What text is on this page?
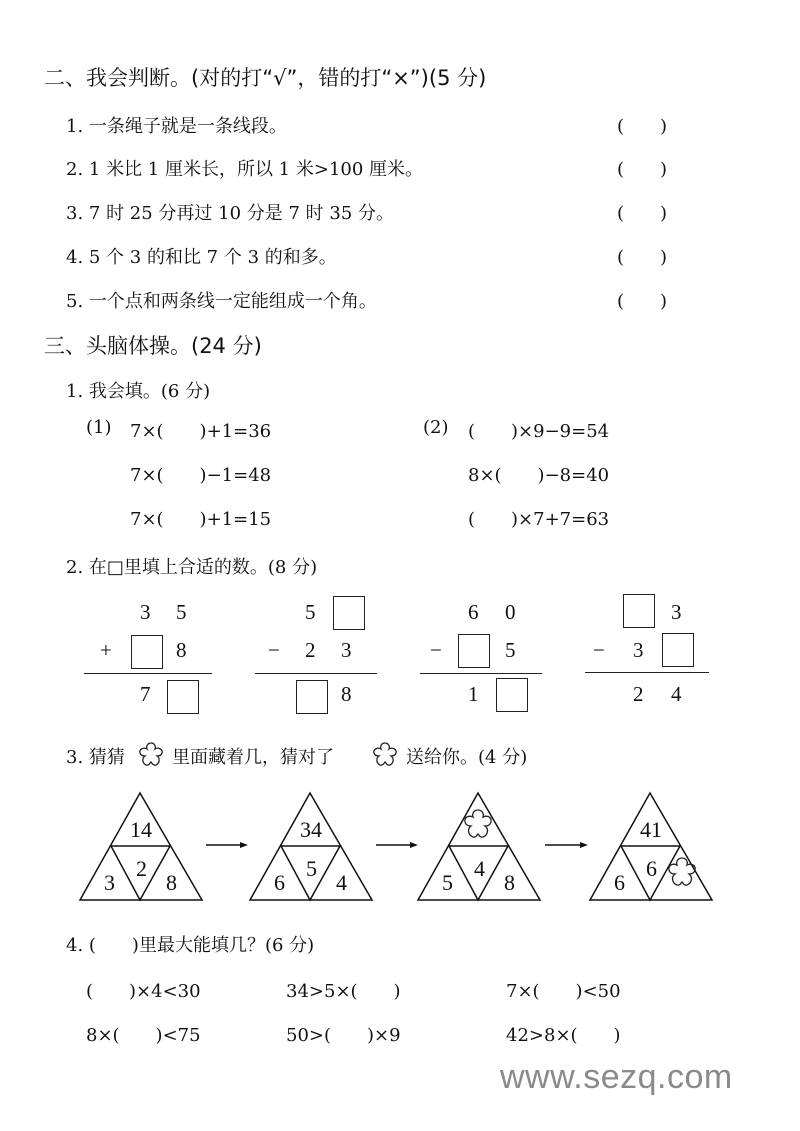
二、我会判断。(对的打“√”，错的打“×”)(5 分)
1. 一条绳子就是一条线段。	(　　)
2. 1 米比 1 厘米长，所以 1 米>100 厘米。	(　　)
3. 7 时 25 分再过 10 分是 7 时 35 分。	(　　)
4. 5 个 3 的和比 7 个 3 的和多。	(　　)
5. 一个点和两条线一定能组成一个角。	(　　)
三、头脑体操。(24 分)
1. 我会填。(6 分)
(1) 7×(　　)+1=36
7×(　　)−1=48
7×(　　)+1=15
(2) (　　)×9−9=54
8×(　　)−8=40
(　　)×7+7=63
2. 在□里填上合适的数。(8 分)
3 5
+	8
7
5
− 2 3
8
6 0
−	5
1
3
− 3
2 4
3. 猜猜	里面藏着几，猜对了	送给你。(4 分)
14
2
3 8
34
5
6 4
4
5 8
41
6
6
4. (　　)里最大能填几？(6 分)
(　　)×4<30	34>5×(　　)	7×(　　)<50
8×(　　)<75	50>(　　)×9	42>8×(　　)
www.sezq.com
